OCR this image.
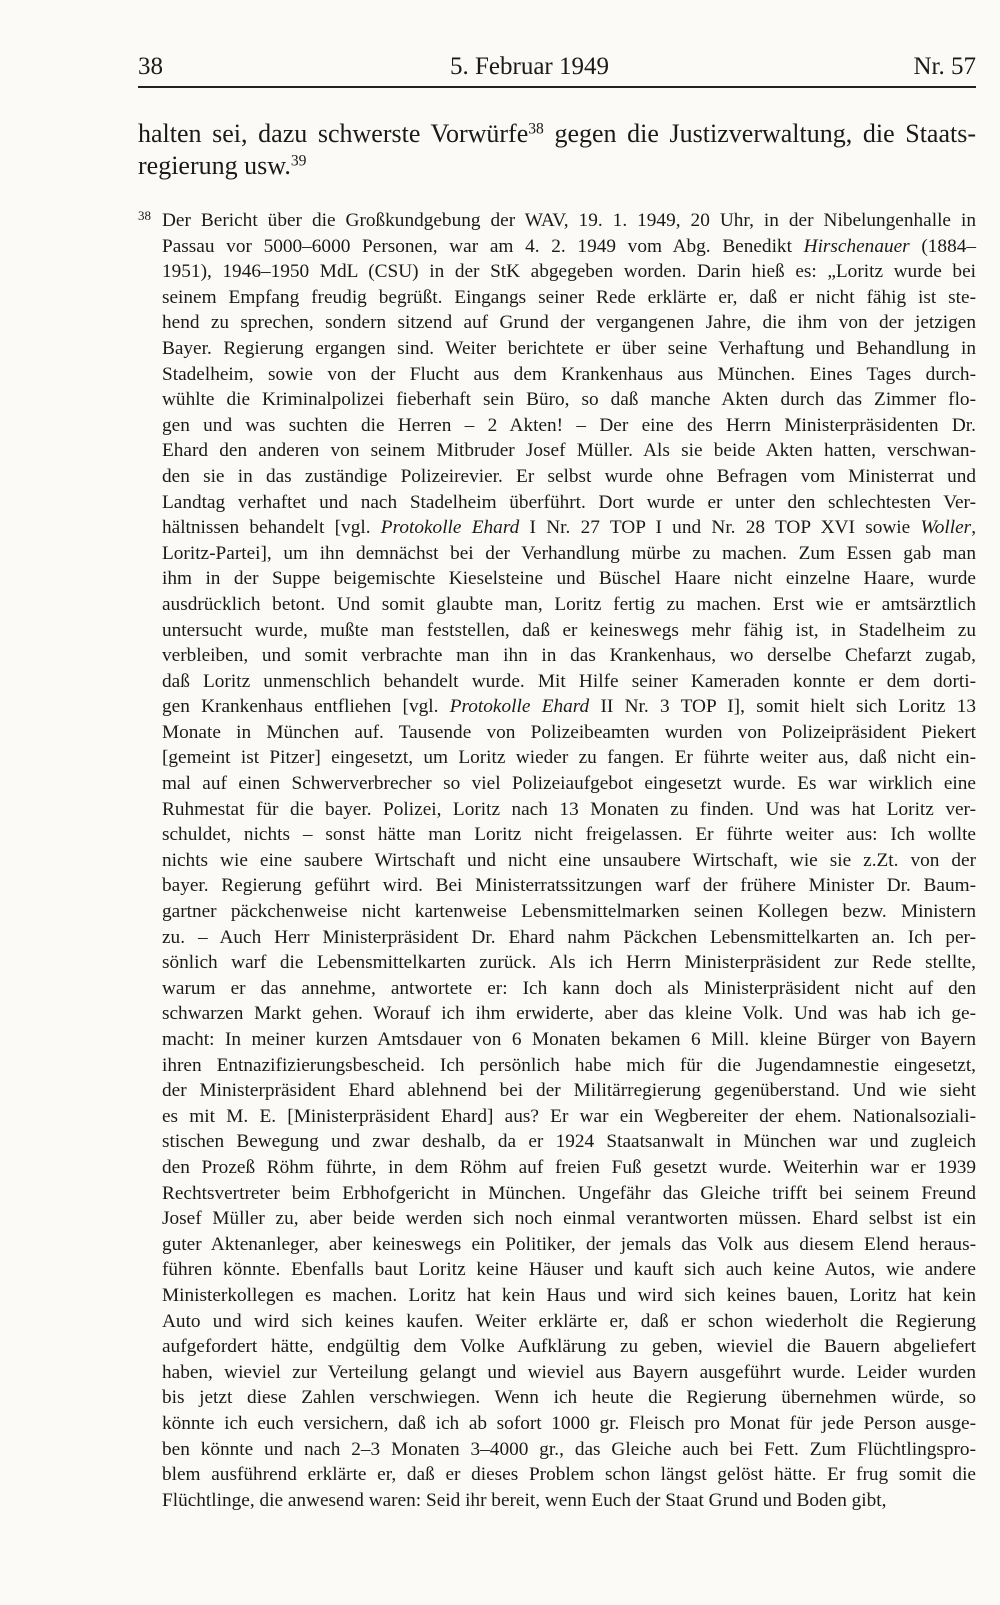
38	5. Februar 1949	Nr. 57
halten sei, dazu schwerste Vorwürfe$^{38}$ gegen die Justizverwaltung, die Staats-
regierung usw.$^{39}$
38 Der Bericht über die Großkundgebung der WAV, 19. 1. 1949, 20 Uhr, in der Nibelungenhalle in
Passau vor 5000–6000 Personen, war am 4. 2. 1949 vom Abg. Benedikt Hirschenauer (1884–
1951), 1946–1950 MdL (CSU) in der StK abgegeben worden. Darin hieß es: „Loritz wurde bei
seinem Empfang freudig begrüßt. Eingangs seiner Rede erklärte er, daß er nicht fähig ist ste-
hend zu sprechen, sondern sitzend auf Grund der vergangenen Jahre, die ihm von der jetzigen
Bayer. Regierung ergangen sind. Weiter berichtete er über seine Verhaftung und Behandlung in
Stadelheim, sowie von der Flucht aus dem Krankenhaus aus München. Eines Tages durch-
wühlte die Kriminalpolizei fieberhaft sein Büro, so daß manche Akten durch das Zimmer flo-
gen und was suchten die Herren – 2 Akten! – Der eine des Herrn Ministerpräsidenten Dr.
Ehard den anderen von seinem Mitbruder Josef Müller. Als sie beide Akten hatten, verschwan-
den sie in das zuständige Polizeirevier. Er selbst wurde ohne Befragen vom Ministerrat und
Landtag verhaftet und nach Stadelheim überführt. Dort wurde er unter den schlechtesten Ver-
hältnissen behandelt [vgl. Protokolle Ehard I Nr. 27 TOP I und Nr. 28 TOP XVI sowie Woller,
Loritz-Partei], um ihn demnächst bei der Verhandlung mürbe zu machen. Zum Essen gab man
ihm in der Suppe beigemischte Kieselsteine und Büschel Haare nicht einzelne Haare, wurde
ausdrücklich betont. Und somit glaubte man, Loritz fertig zu machen. Erst wie er amtsärztlich
untersucht wurde, mußte man feststellen, daß er keineswegs mehr fähig ist, in Stadelheim zu
verbleiben, und somit verbrachte man ihn in das Krankenhaus, wo derselbe Chefarzt zugab,
daß Loritz unmenschlich behandelt wurde. Mit Hilfe seiner Kameraden konnte er dem dorti-
gen Krankenhaus entfliehen [vgl. Protokolle Ehard II Nr. 3 TOP I], somit hielt sich Loritz 13
Monate in München auf. Tausende von Polizeibeamten wurden von Polizeipräsident Piekert
[gemeint ist Pitzer] eingesetzt, um Loritz wieder zu fangen. Er führte weiter aus, daß nicht ein-
mal auf einen Schwerverbrecher so viel Polizeiaufgebot eingesetzt wurde. Es war wirklich eine
Ruhmestat für die bayer. Polizei, Loritz nach 13 Monaten zu finden. Und was hat Loritz ver-
schuldet, nichts – sonst hätte man Loritz nicht freigelassen. Er führte weiter aus: Ich wollte
nichts wie eine saubere Wirtschaft und nicht eine unsaubere Wirtschaft, wie sie z.Zt. von der
bayer. Regierung geführt wird. Bei Ministerratssitzungen warf der frühere Minister Dr. Baum-
gartner päckchenweise nicht kartenweise Lebensmittelmarken seinen Kollegen bezw. Ministern
zu. – Auch Herr Ministerpräsident Dr. Ehard nahm Päckchen Lebensmittelkarten an. Ich per-
sönlich warf die Lebensmittelkarten zurück. Als ich Herrn Ministerpräsident zur Rede stellte,
warum er das annehme, antwortete er: Ich kann doch als Ministerpräsident nicht auf den
schwarzen Markt gehen. Worauf ich ihm erwiderte, aber das kleine Volk. Und was hab ich ge-
macht: In meiner kurzen Amtsdauer von 6 Monaten bekamen 6 Mill. kleine Bürger von Bayern
ihren Entnazifizierungsbescheid. Ich persönlich habe mich für die Jugendamnestie eingesetzt,
der Ministerpräsident Ehard ablehnend bei der Militärregierung gegenüberstand. Und wie sieht
es mit M. E. [Ministerpräsident Ehard] aus? Er war ein Wegbereiter der ehem. Nationalsoziali-
stischen Bewegung und zwar deshalb, da er 1924 Staatsanwalt in München war und zugleich
den Prozeß Röhm führte, in dem Röhm auf freien Fuß gesetzt wurde. Weiterhin war er 1939
Rechtsvertreter beim Erbhofgericht in München. Ungefähr das Gleiche trifft bei seinem Freund
Josef Müller zu, aber beide werden sich noch einmal verantworten müssen. Ehard selbst ist ein
guter Aktenanleger, aber keineswegs ein Politiker, der jemals das Volk aus diesem Elend heraus-
führen könnte. Ebenfalls baut Loritz keine Häuser und kauft sich auch keine Autos, wie andere
Ministerkollegen es machen. Loritz hat kein Haus und wird sich keines bauen, Loritz hat kein
Auto und wird sich keines kaufen. Weiter erklärte er, daß er schon wiederholt die Regierung
aufgefordert hätte, endgültig dem Volke Aufklärung zu geben, wieviel die Bauern abgeliefert
haben, wieviel zur Verteilung gelangt und wieviel aus Bayern ausgeführt wurde. Leider wurden
bis jetzt diese Zahlen verschwiegen. Wenn ich heute die Regierung übernehmen würde, so
könnte ich euch versichern, daß ich ab sofort 1000 gr. Fleisch pro Monat für jede Person ausge-
ben könnte und nach 2–3 Monaten 3–4000 gr., das Gleiche auch bei Fett. Zum Flüchtlingspro-
blem ausführend erklärte er, daß er dieses Problem schon längst gelöst hätte. Er frug somit die
Flüchtlinge, die anwesend waren: Seid ihr bereit, wenn Euch der Staat Grund und Boden gibt,
